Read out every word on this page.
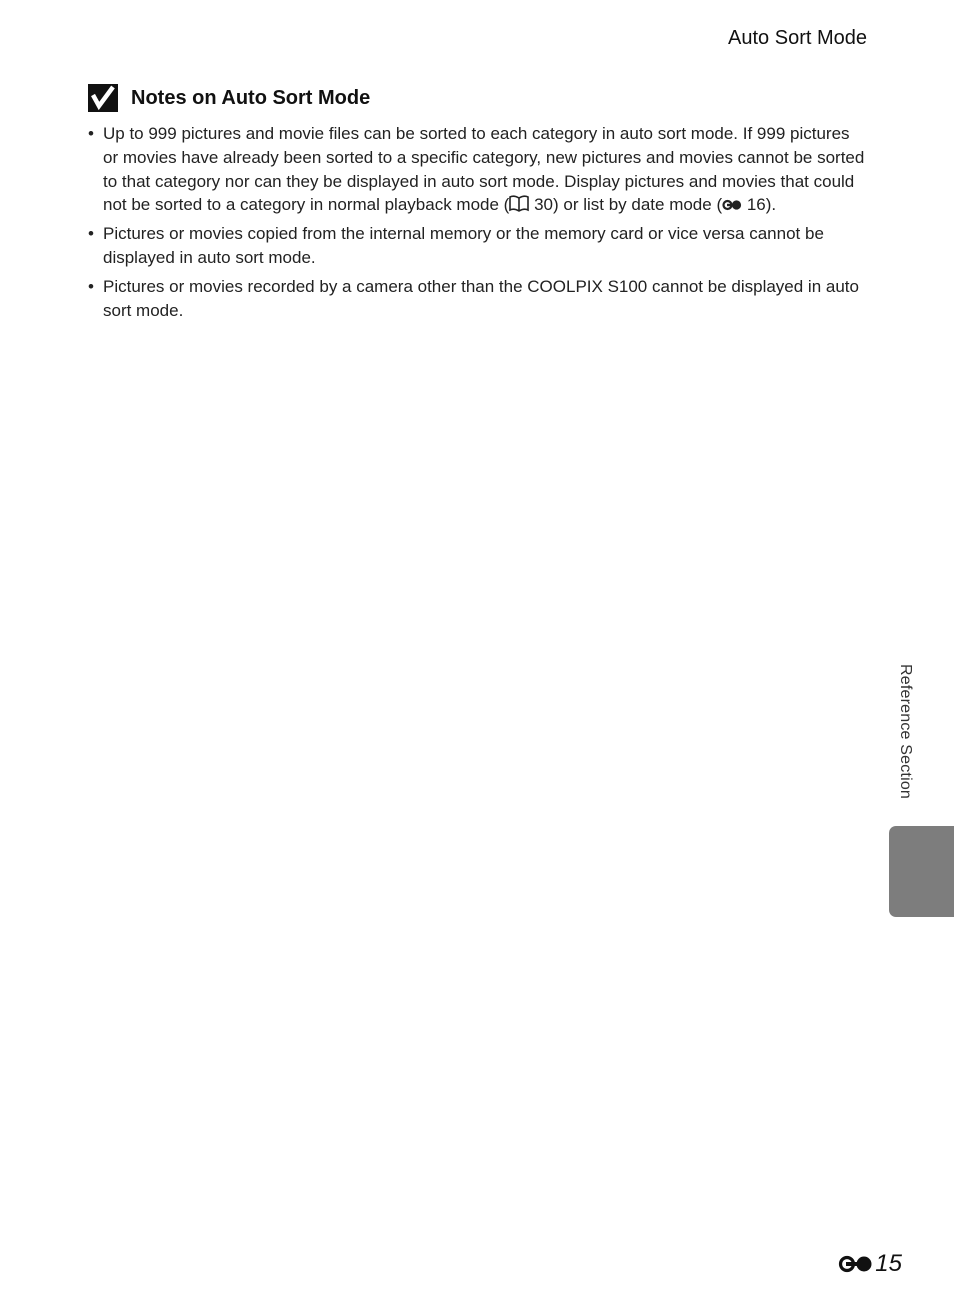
Auto Sort Mode
Notes on Auto Sort Mode
• Up to 999 pictures and movie files can be sorted to each category in auto sort mode. If 999 pictures or movies have already been sorted to a specific category, new pictures and movies cannot be sorted to that category nor can they be displayed in auto sort mode. Display pictures and movies that could not be sorted to a category in normal playback mode ( 30) or list by date mode ( 16).
• Pictures or movies copied from the internal memory or the memory card or vice versa cannot be displayed in auto sort mode.
• Pictures or movies recorded by a camera other than the COOLPIX S100 cannot be displayed in auto sort mode.

Reference Section

15
